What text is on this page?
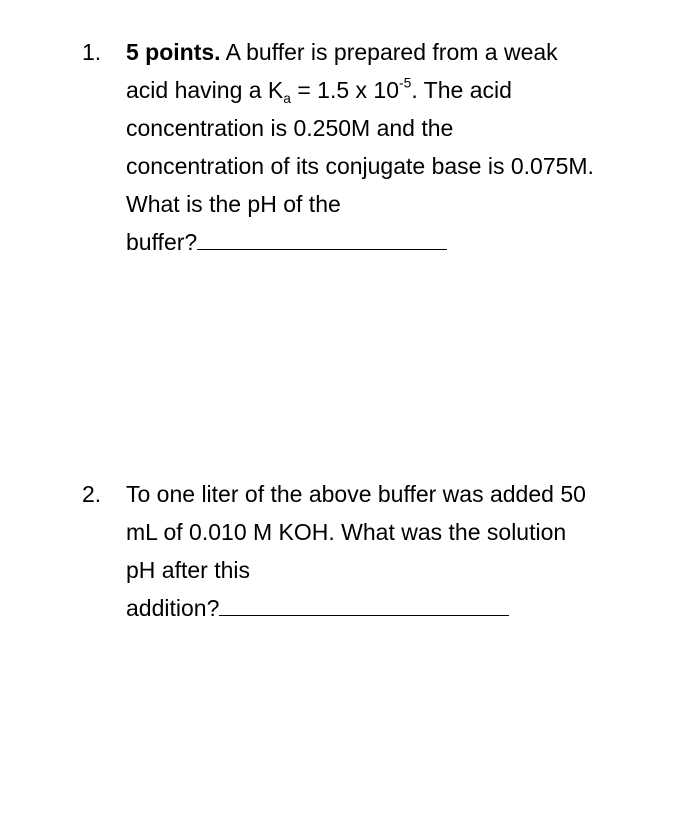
1.	5 points. A buffer is prepared from a weak
acid having a $K_a = 1.5$ x $10^{-5}$. The acid
concentration is 0.250M and the
concentration of its conjugate base is 0.075M.
What is the pH of the
buffer?
2.	To one liter of the above buffer was added 50
mL of 0.010 M KOH. What was the solution
pH after this
addition?
